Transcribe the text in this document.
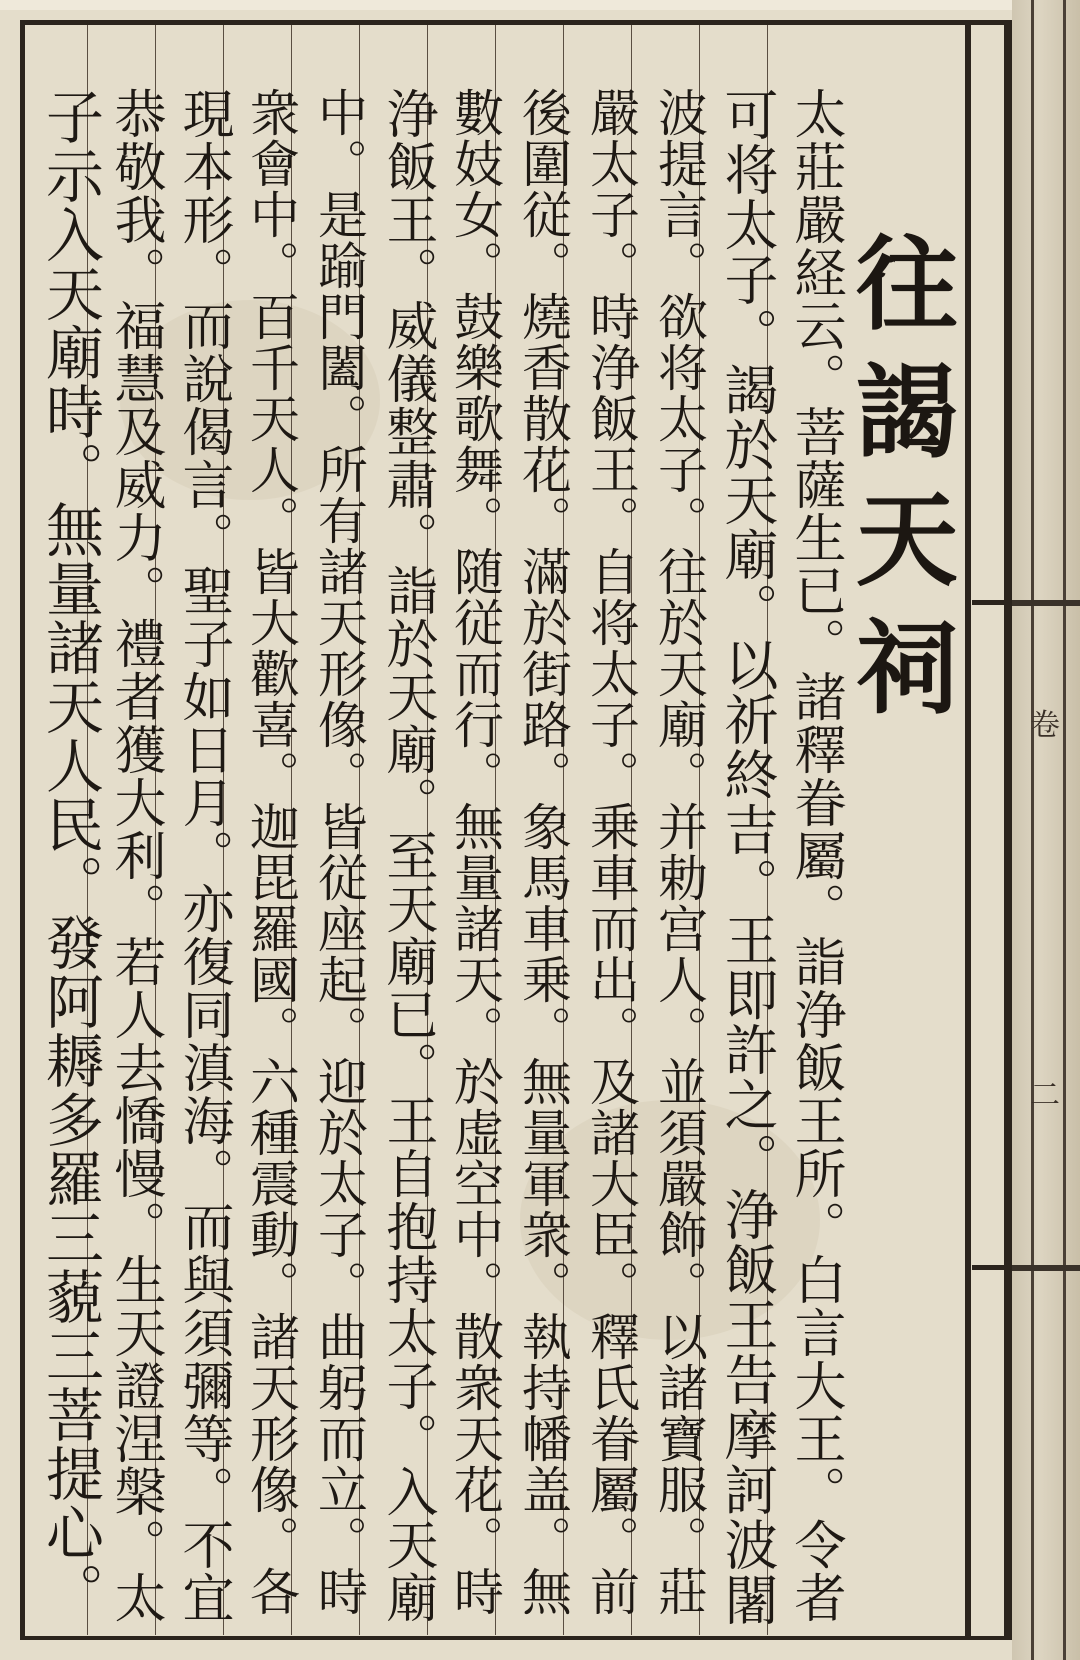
卷
二
往謁天祠
太莊嚴経云。菩薩生已。諸釋眷屬。詣浄飯王所。白言大王。令者
可将太子。謁於天廟。以祈終吉。王即許之。浄飯王告摩訶波闍
波提言。欲将太子。往於天廟。并勅宫人。並須嚴飾。以諸寶服。莊
嚴太子。時浄飯王。自将太子。乗車而出。及諸大臣。釋氏眷屬。前
後圍従。燒香散花。滿於街路。象馬車乗。無量軍衆。執持幡盖。無
數妓女。鼓樂歌舞。随従而行。無量諸天。於虚空中。散衆天花。時
浄飯王。威儀整肅。詣於天廟。至天廟已。王自抱持太子。入天廟
中。是踰門闔。所有諸天形像。皆従座起。迎於太子。曲躬而立。時
衆會中。百千天人。皆大歡喜。迦毘羅國。六種震動。諸天形像。各
現本形。而說偈言。聖子如日月。亦復同滇海。而與須彌等。不宜
恭敬我。福慧及威力。禮者獲大利。若人去憍慢。生天證涅槃。太
子示入天廟時。無量諸天人民。發阿耨多羅三藐三菩提心。
